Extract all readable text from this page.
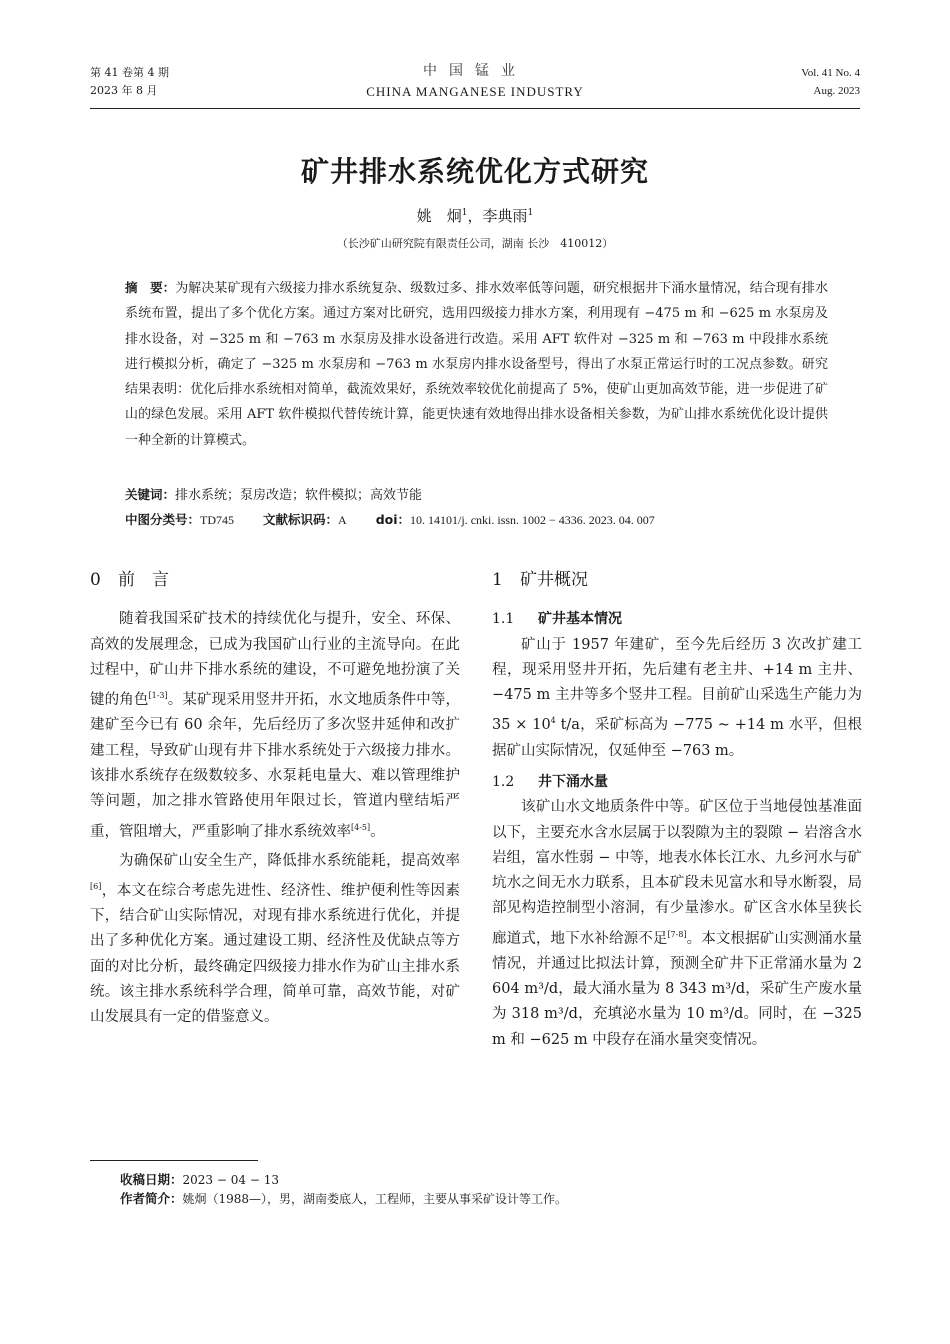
第 41 卷第 4 期
2023 年 8 月
中国锰业
CHINA MANGANESE INDUSTRY
Vol. 41 No. 4
Aug. 2023
矿井排水系统优化方式研究
姚　炯$^1$，李典雨$^1$
（长沙矿山研究院有限责任公司，湖南 长沙　410012）
摘　要：为解决某矿现有六级接力排水系统复杂、级数过多、排水效率低等问题，研究根据井下涌水量情况，结合现有排水系统布置，提出了多个优化方案。通过方案对比研究，选用四级接力排水方案，利用现有 −475 m 和 −625 m 水泵房及排水设备，对 −325 m 和 −763 m 水泵房及排水设备进行改造。采用 AFT 软件对 −325 m 和 −763 m 中段排水系统进行模拟分析，确定了 −325 m 水泵房和 −763 m 水泵房内排水设备型号，得出了水泵正常运行时的工况点参数。研究结果表明：优化后排水系统相对简单，截流效果好，系统效率较优化前提高了 5%，使矿山更加高效节能，进一步促进了矿山的绿色发展。采用 AFT 软件模拟代替传统计算，能更快速有效地得出排水设备相关参数，为矿山排水系统优化设计提供一种全新的计算模式。
关键词：排水系统；泵房改造；软件模拟；高效节能
中图分类号：TD745 文献标识码：A doi：10. 14101/j. cnki. issn. 1002 − 4336. 2023. 04. 007
0 前　言

随着我国采矿技术的持续优化与提升，安全、环保、高效的发展理念，已成为我国矿山行业的主流导向。在此过程中，矿山井下排水系统的建设，不可避免地扮演了关键的角色[1-3]。某矿现采用竖井开拓，水文地质条件中等，建矿至今已有 60 余年，先后经历了多次竖井延伸和改扩建工程，导致矿山现有井下排水系统处于六级接力排水。该排水系统存在级数较多、水泵耗电量大、难以管理维护等问题，加之排水管路使用年限过长，管道内壁结垢严重，管阻增大，严重影响了排水系统效率[4-5]。

为确保矿山安全生产，降低排水系统能耗，提高效率[6]，本文在综合考虑先进性、经济性、维护便利性等因素下，结合矿山实际情况，对现有排水系统进行优化，并提出了多种优化方案。通过建设工期、经济性及优缺点等方面的对比分析，最终确定四级接力排水作为矿山主排水系统。该主排水系统科学合理，简单可靠，高效节能，对矿山发展具有一定的借鉴意义。

1 矿井概况
1.1 矿井基本情况

矿山于 1957 年建矿，至今先后经历 3 次改扩建工程，现采用竖井开拓，先后建有老主井、+14 m 主井、−475 m 主井等多个竖井工程。目前矿山采选生产能力为 $35 \times 10^4$ t/a，采矿标高为 −775 ~ +14 m 水平，但根据矿山实际情况，仅延伸至 −763 m。

1.2 井下涌水量

该矿山水文地质条件中等。矿区位于当地侵蚀基准面以下，主要充水含水层属于以裂隙为主的裂隙 − 岩溶含水岩组，富水性弱 − 中等，地表水体长江水、九乡河水与矿坑水之间无水力联系，且本矿段未见富水和导水断裂，局部见构造控制型小溶洞，有少量渗水。矿区含水体呈狭长廊道式，地下水补给源不足[7-8]。本文根据矿山实测涌水量情况，并通过比拟法计算，预测全矿井下正常涌水量为 2 604 m³/d，最大涌水量为 8 343 m³/d，采矿生产废水量为 318 m³/d，充填泌水量为 10 m³/d。同时，在 −325 m 和 −625 m 中段存在涌水量突变情况。

收稿日期：2023 − 04 − 13
作者简介：姚炯（1988—），男，湖南娄底人，工程师，主要从事采矿设计等工作。
